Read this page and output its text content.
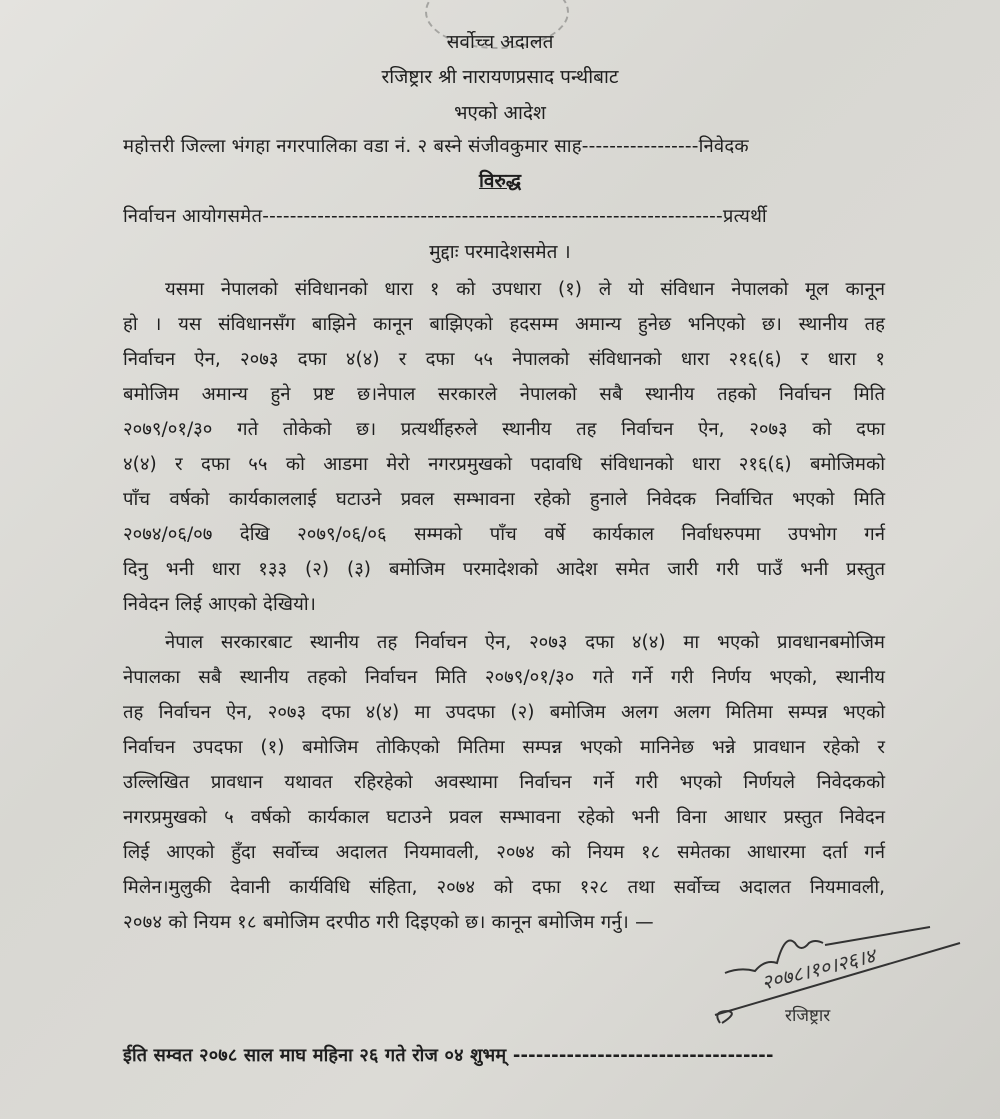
सर्वोच्च अदालत
रजिष्ट्रार श्री नारायणप्रसाद पन्थीबाट
भएको आदेश
महोत्तरी जिल्ला भंगहा नगरपालिका वडा नं. २ बस्ने संजीवकुमार साह-----------------निवेदक
विरुद्ध
निर्वाचन आयोगसमेत-------------------------------------------------------------------प्रत्यर्थी
मुद्दाः परमादेशसमेत ।
यसमा नेपालको संविधानको धारा १ को उपधारा (१) ले यो संविधान नेपालको मूल कानून
हो । यस संविधानसँग बाझिने कानून बाझिएको हदसम्म अमान्य हुनेछ भनिएको छ। स्थानीय तह
निर्वाचन ऐन, २०७३ दफा ४(४) र दफा ५५ नेपालको संविधानको धारा २१६(६) र धारा १
बमोजिम अमान्य हुने प्रष्ट छ।नेपाल सरकारले नेपालको सबै स्थानीय तहको निर्वाचन मिति
२०७९/०१/३० गते तोकेको छ। प्रत्यर्थीहरुले स्थानीय तह निर्वाचन ऐन, २०७३ को दफा
४(४) र दफा ५५ को आडमा मेरो नगरप्रमुखको पदावधि संविधानको धारा २१६(६) बमोजिमको
पाँच वर्षको कार्यकाललाई घटाउने प्रवल सम्भावना रहेको हुनाले निवेदक निर्वाचित भएको मिति
२०७४/०६/०७ देखि २०७९/०६/०६ सम्मको पाँच वर्षे कार्यकाल निर्वाधरुपमा उपभोग गर्न
दिनु भनी धारा १३३ (२) (३) बमोजिम परमादेशको आदेश समेत जारी गरी पाउँ भनी प्रस्तुत
निवेदन लिई आएको देखियो।
नेपाल सरकारबाट स्थानीय तह निर्वाचन ऐन, २०७३ दफा ४(४) मा भएको प्रावधानबमोजिम
नेपालका सबै स्थानीय तहको निर्वाचन मिति २०७९/०१/३० गते गर्ने गरी निर्णय भएको, स्थानीय
तह निर्वाचन ऐन, २०७३ दफा ४(४) मा उपदफा (२) बमोजिम अलग अलग मितिमा सम्पन्न भएको
निर्वाचन उपदफा (१) बमोजिम तोकिएको मितिमा सम्पन्न भएको मानिनेछ भन्ने प्रावधान रहेको र
उल्लिखित प्रावधान यथावत रहिरहेको अवस्थामा निर्वाचन गर्ने गरी भएको निर्णयले निवेदकको
नगरप्रमुखको ५ वर्षको कार्यकाल घटाउने प्रवल सम्भावना रहेको भनी विना आधार प्रस्तुत निवेदन
लिई आएको हुँदा सर्वोच्च अदालत नियमावली, २०७४ को नियम १८ समेतका आधारमा दर्ता गर्न
मिलेन।मुलुकी देवानी कार्यविधि संहिता, २०७४ को दफा १२८ तथा सर्वोच्च अदालत नियमावली,
२०७४ को नियम १८ बमोजिम दरपीठ गरी दिइएको छ। कानून बमोजिम गर्नु। —
२०७८।१०।२६।४
रजिष्ट्रार
ईति सम्वत २०७८ साल माघ महिना २६ गते रोज ०४ शुभम् ----------------------------------
